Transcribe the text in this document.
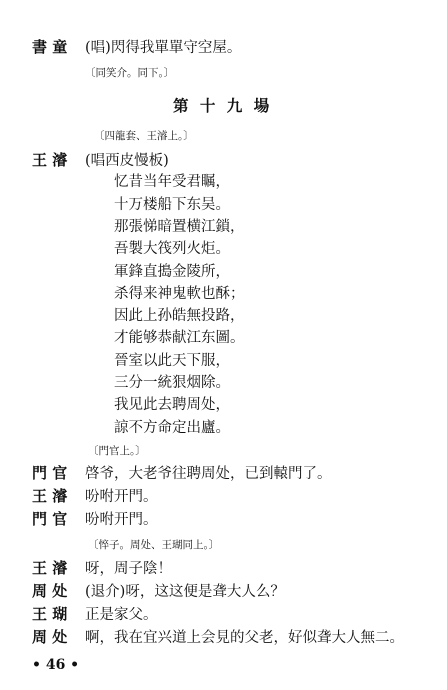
書 童 (唱)閃得我單單守空屋。
〔同笑介。同下。〕
第 十 九 場
〔四龍套、王濬上。〕
王 濬 (唱西皮慢板)
忆昔当年受君瞩，
十万楼船下东吴。
那張悌暗置横江鎖，
吾製大筏列火炬。
軍鋒直搗金陵所，
杀得来神鬼軟也酥；
因此上孙皓無投路，
才能够恭献江东圖。
晉室以此天下服，
三分一統狠烟除。
我见此去聘周处，
諒不方命定出廬。
〔門官上。〕
門 官 啓爷，大老爷往聘周处，已到轅門了。
王 濬 吩咐开門。
門 官 吩咐开門。
〔悴子。周处、王瑚同上。〕
王 濬 呀，周子陰！
周 处 (退介)呀，这这便是聋大人么？
王 瑚 正是家父。
周 处 啊，我在宜兴道上会見的父老，好似聋大人無二。
• 46 •
